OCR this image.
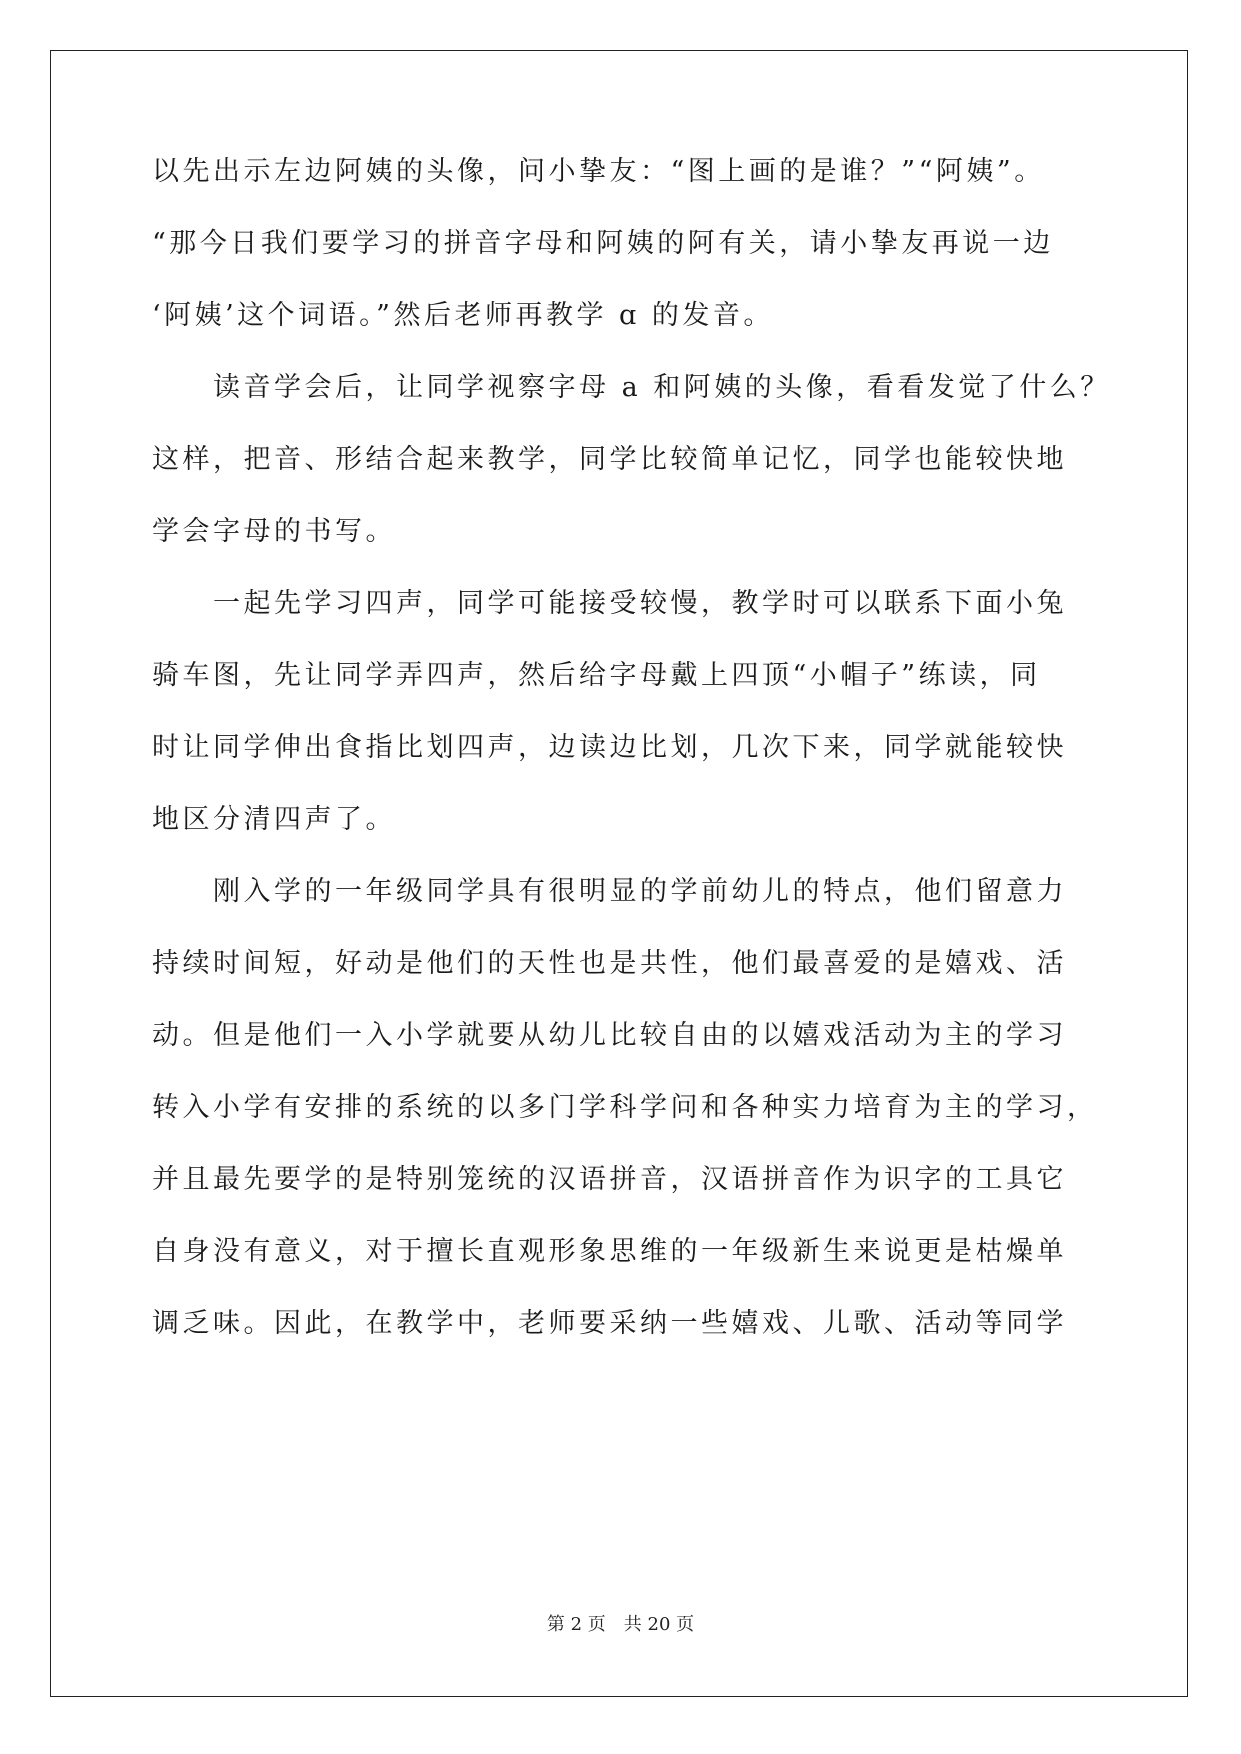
以先出示左边阿姨的头像，问小挚友：“图上画的是谁？”“阿姨”。
“那今日我们要学习的拼音字母和阿姨的阿有关，请小挚友再说一边
‘阿姨’这个词语。”然后老师再教学 ɑ 的发音。
　　读音学会后，让同学视察字母 a 和阿姨的头像，看看发觉了什么？
这样，把音、形结合起来教学，同学比较简单记忆，同学也能较快地
学会字母的书写。
　　一起先学习四声，同学可能接受较慢，教学时可以联系下面小兔
骑车图，先让同学弄四声，然后给字母戴上四顶“小帽子”练读，同
时让同学伸出食指比划四声，边读边比划，几次下来，同学就能较快
地区分清四声了。
　　刚入学的一年级同学具有很明显的学前幼儿的特点，他们留意力
持续时间短，好动是他们的天性也是共性，他们最喜爱的是嬉戏、活
动。但是他们一入小学就要从幼儿比较自由的以嬉戏活动为主的学习
转入小学有安排的系统的以多门学科学问和各种实力培育为主的学习，
并且最先要学的是特别笼统的汉语拼音，汉语拼音作为识字的工具它
自身没有意义，对于擅长直观形象思维的一年级新生来说更是枯燥单
调乏味。因此，在教学中，老师要采纳一些嬉戏、儿歌、活动等同学
第 2 页　共 20 页
